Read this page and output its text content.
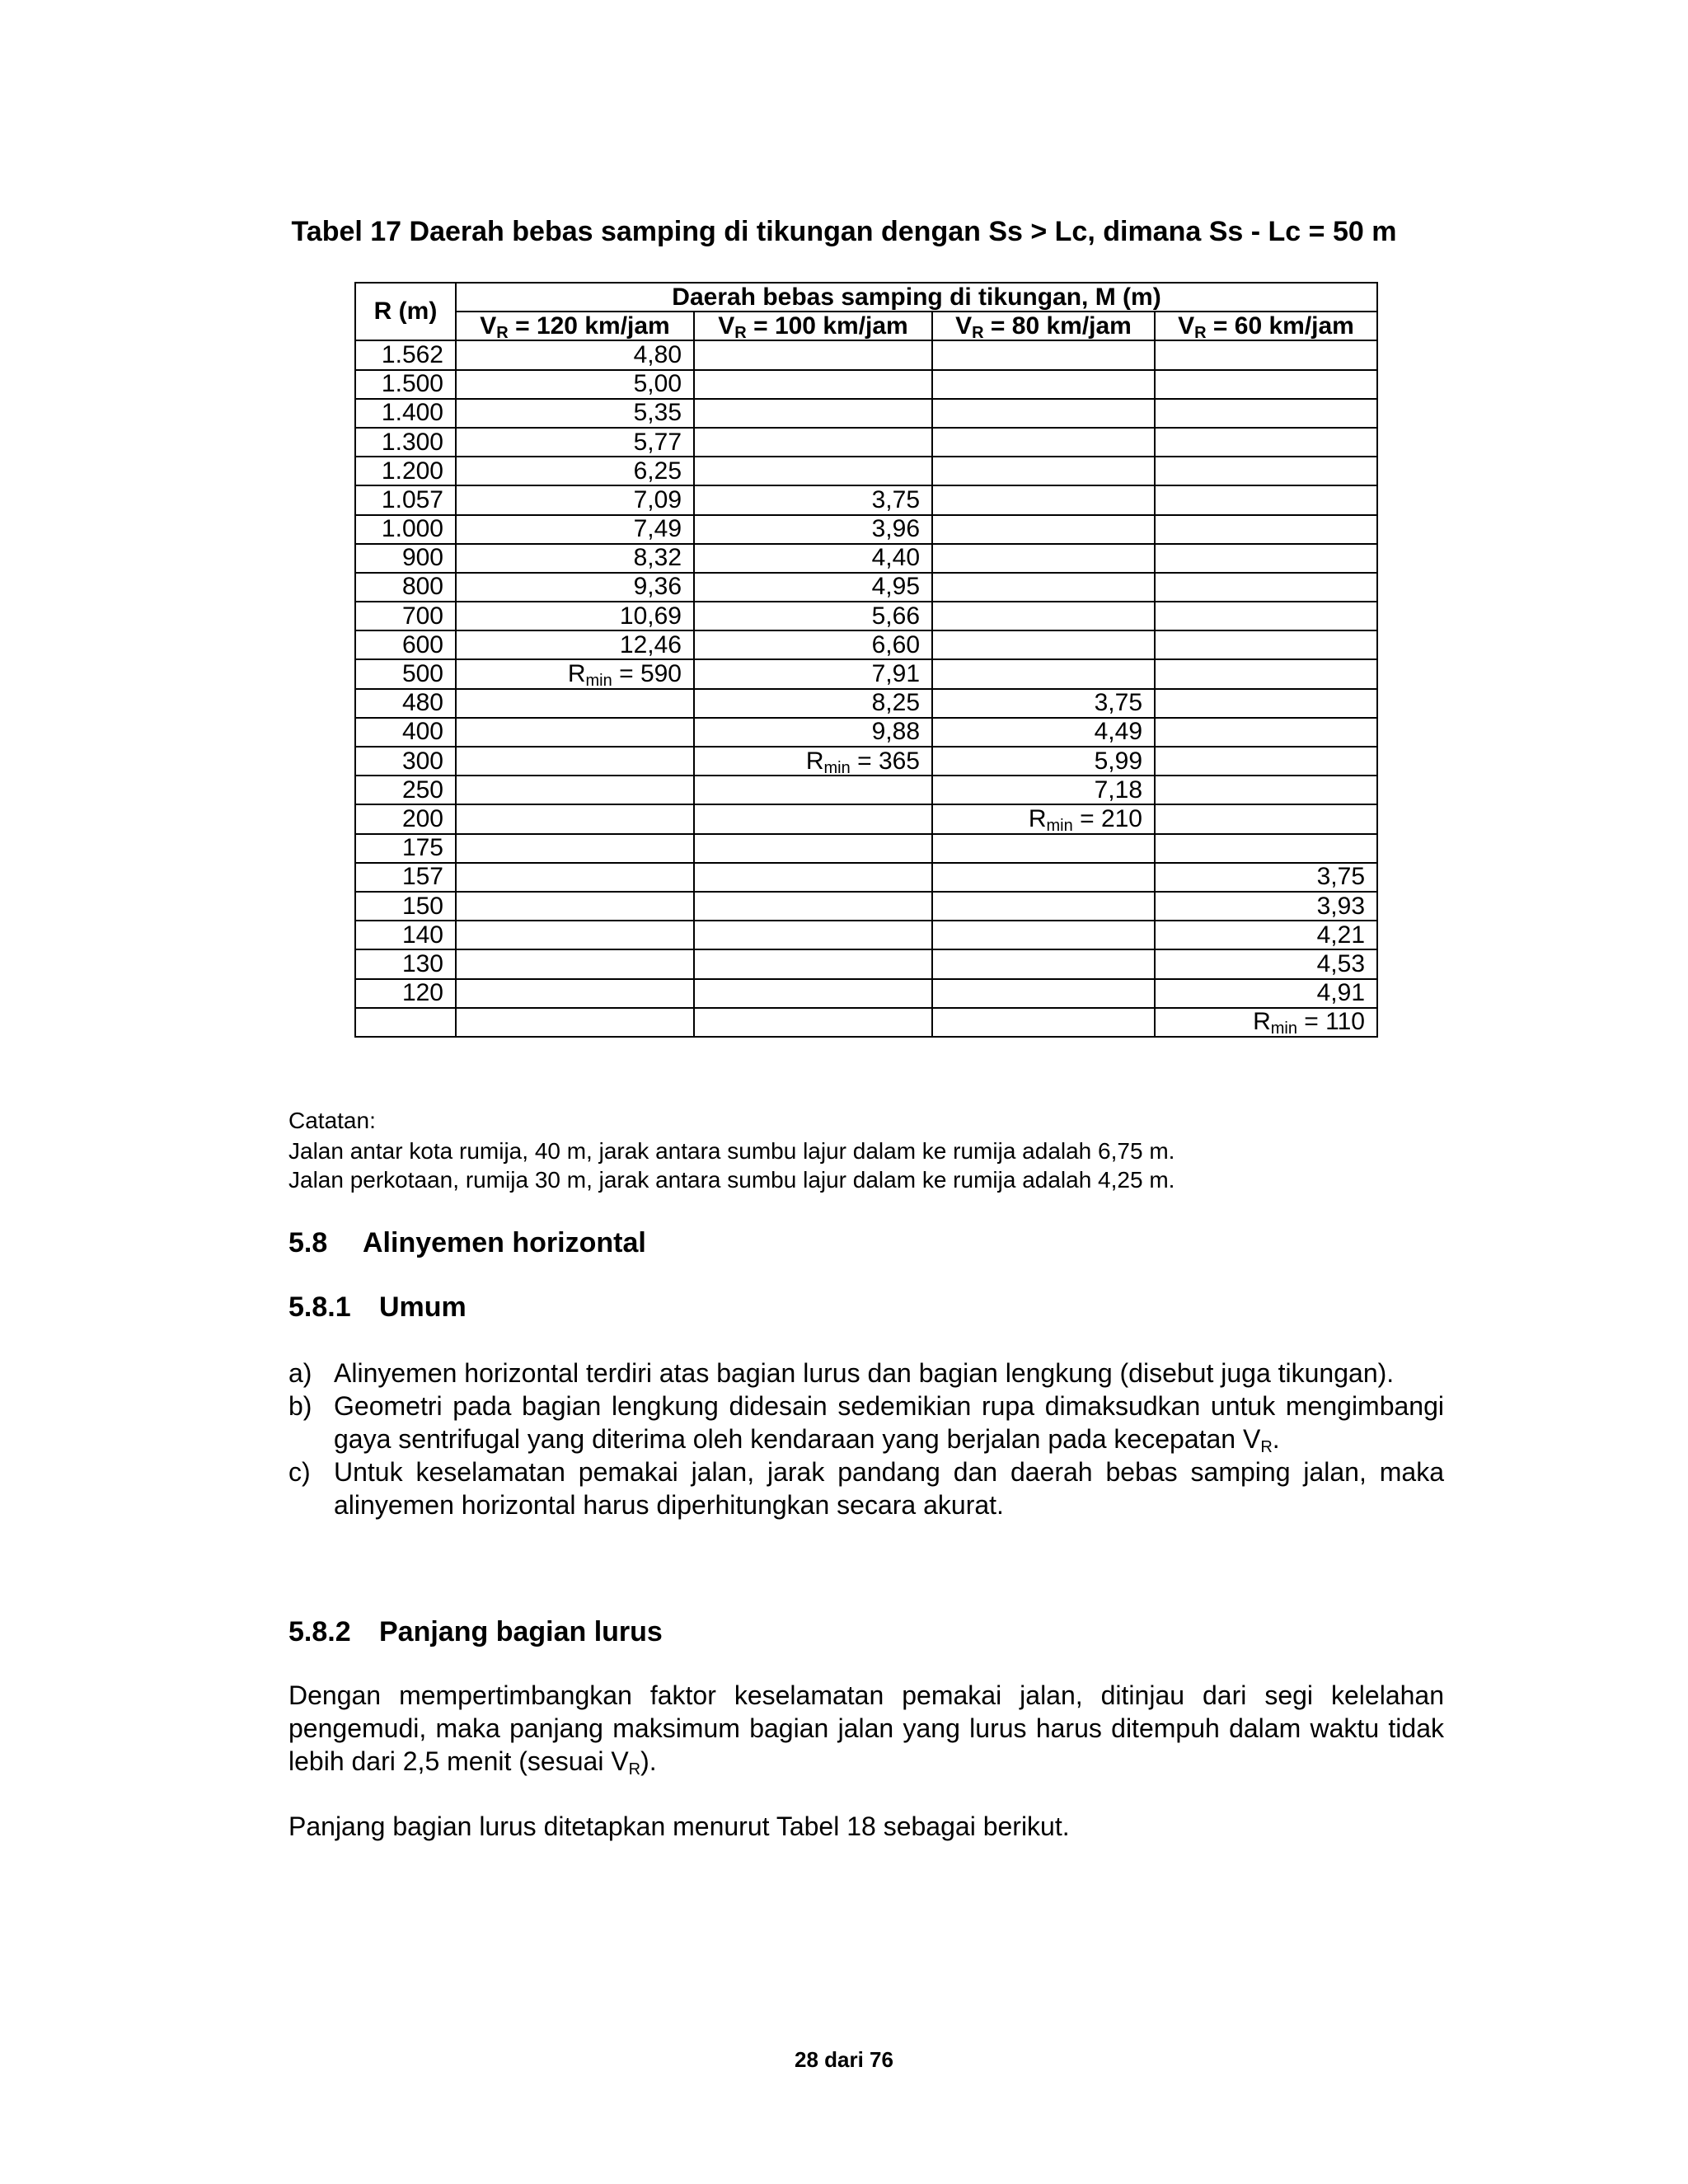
Tabel 17 Daerah bebas samping di tikungan dengan Ss > Lc, dimana Ss - Lc = 50 m
R (m)	Daerah bebas samping di tikungan, M (m)			
	$V_R = 120$ km/jam	$V_R = 100$ km/jam	$V_R = 80$ km/jam	$V_R = 60$ km/jam
1.562	4,80			
1.500	5,00			
1.400	5,35			
1.300	5,77			
1.200	6,25			
1.057	7,09	3,75		
1.000	7,49	3,96		
900	8,32	4,40		
800	9,36	4,95		
700	10,69	5,66		
600	12,46	6,60		
500	$R_{min} = 590$	7,91		
480		8,25	3,75	
400		9,88	4,49	
300		$R_{min} = 365$	5,99	
250			7,18	
200			$R_{min} = 210$	
175				
157				3,75
150				3,93
140				4,21
130				4,53
120				4,91
				$R_{min} = 110$
Catatan:
Jalan antar kota rumija, 40 m, jarak antara sumbu lajur dalam ke rumija adalah 6,75 m.
Jalan perkotaan, rumija 30 m, jarak antara sumbu lajur dalam ke rumija adalah 4,25 m.
5.8 Alinyemen horizontal
5.8.1 Umum
a) Alinyemen horizontal terdiri atas bagian lurus dan bagian lengkung (disebut juga tikungan).
b) Geometri pada bagian lengkung didesain sedemikian rupa dimaksudkan untuk mengimbangi gaya sentrifugal yang diterima oleh kendaraan yang berjalan pada kecepatan $V_R$.
c) Untuk keselamatan pemakai jalan, jarak pandang dan daerah bebas samping jalan, maka alinyemen horizontal harus diperhitungkan secara akurat.
5.8.2 Panjang bagian lurus
Dengan mempertimbangkan faktor keselamatan pemakai jalan, ditinjau dari segi kelelahan pengemudi, maka panjang maksimum bagian jalan yang lurus harus ditempuh dalam waktu tidak lebih dari 2,5 menit (sesuai $V_R$).
Panjang bagian lurus ditetapkan menurut Tabel 18 sebagai berikut.
28 dari 76
